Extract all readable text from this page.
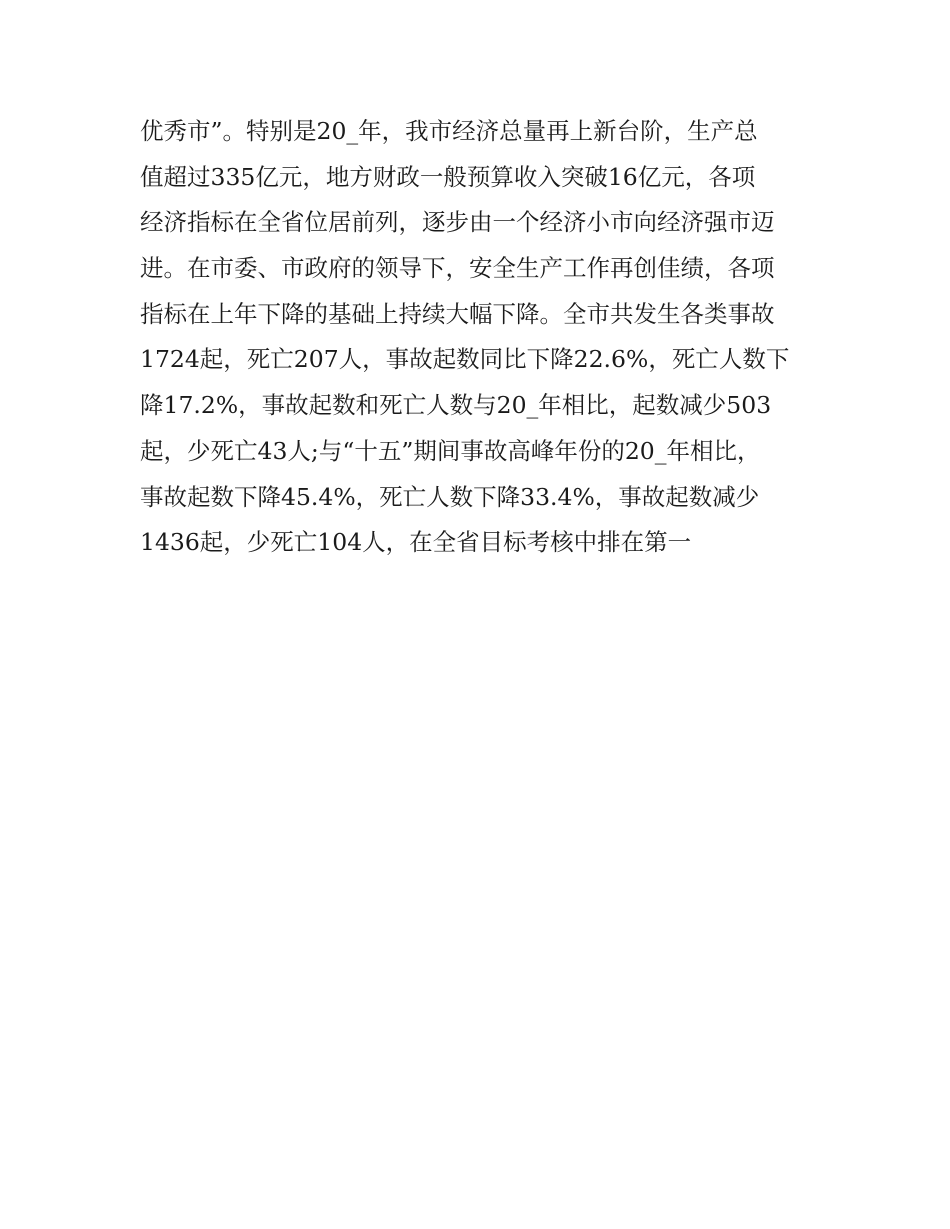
优秀市”。特别是20_年，我市经济总量再上新台阶，生产总
值超过335亿元，地方财政一般预算收入突破16亿元，各项
经济指标在全省位居前列，逐步由一个经济小市向经济强市迈
进。在市委、市政府的领导下，安全生产工作再创佳绩，各项
指标在上年下降的基础上持续大幅下降。全市共发生各类事故
1724起，死亡207人，事故起数同比下降22.6%，死亡人数下
降17.2%，事故起数和死亡人数与20_年相比，起数减少503
起，少死亡43人;与“十五”期间事故高峰年份的20_年相比，
事故起数下降45.4%，死亡人数下降33.4%，事故起数减少
1436起，少死亡104人，在全省目标考核中排在第一
